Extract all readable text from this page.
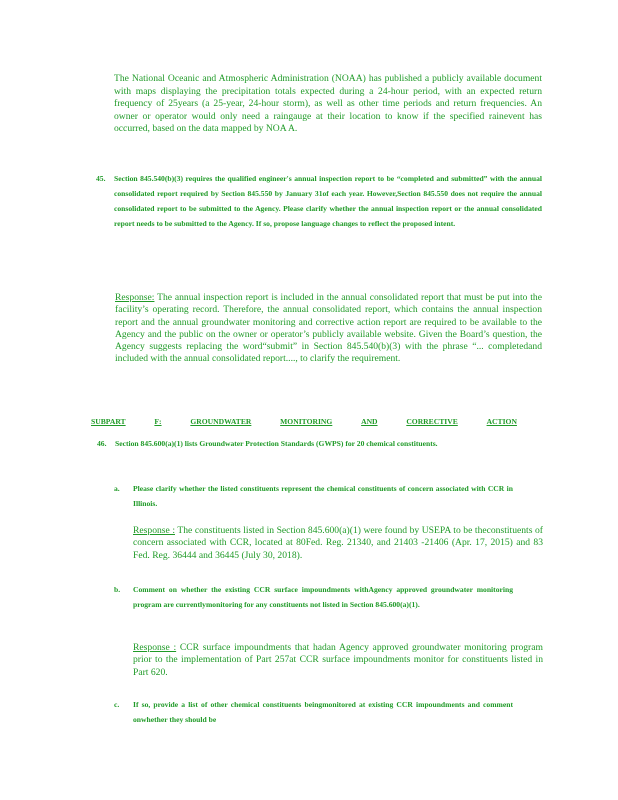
The National Oceanic and Atmospheric Administration (NOAA) has published a publicly available document with maps displaying the precipitation totals expected during a 24-hour period, with an expected return frequency of 25years (a 25-year, 24-hour storm), as well as other time periods and return frequencies. An owner or operator would only need a raingauge at their location to know if the specified rainevent has occurred, based on the data mapped by NOA A.

45. Section 845.540(b)(3) requires the qualified engineer's annual inspection report to be “completed and submitted” with the annual consolidated report required by Section 845.550 by January 31of each year. However,Section 845.550 does not require the annual consolidated report to be submitted to the Agency. Please clarify whether the annual inspection report or the annual consolidated report needs to be submitted to the Agency. If so, propose language changes to reflect the proposed intent.

Response: The annual inspection report is included in the annual consolidated report that must be put into the facility’s operating record. Therefore, the annual consolidated report, which contains the annual inspection report and the annual groundwater monitoring and corrective action report are required to be available to the Agency and the public on the owner or operator’s publicly available website. Given the Board’s question, the Agency suggests replacing the word“submit” in Section 845.540(b)(3) with the phrase “... completedand included with the annual consolidated report...., to clarify the requirement.

SUBPART	F:	GROUNDWATER	MONITORING	AND	CORRECTIVE	ACTION
46. Section 845.600(a)(1) lists Groundwater Protection Standards (GWPS) for 20 chemical constituents.

a. Please clarify whether the listed constituents represent the chemical constituents of concern associated with CCR in Illinois.

Response : The constituents listed in Section 845.600(a)(1) were found by USEPA to be theconstituents of concern associated with CCR, located at 80Fed. Reg. 21340, and 21403 -21406 (Apr. 17, 2015) and 83 Fed. Reg. 36444 and 36445 (July 30, 2018).

b. Comment on whether the existing CCR surface impoundments withAgency approved groundwater monitoring program are currentlymonitoring for any constituents not listed in Section 845.600(a)(1).

Response : CCR surface impoundments that hadan Agency approved groundwater monitoring program prior to the implementation of Part 257at CCR surface impoundments monitor for constituents listed in Part 620.

c. If so, provide a list of other chemical constituents beingmonitored at existing CCR impoundments and comment onwhether they should be
